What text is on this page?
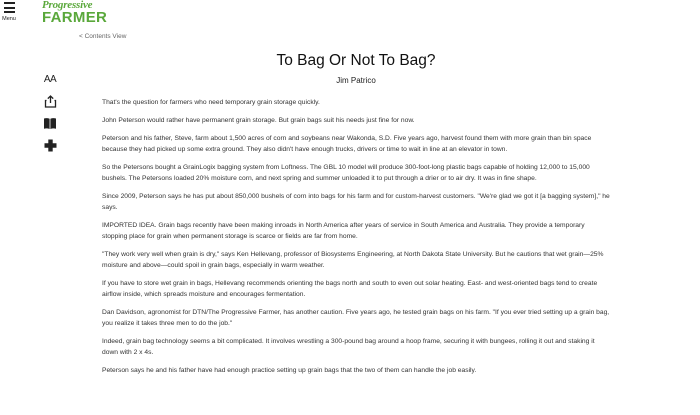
Menu
Progressive
FARMER
< Contents View
AA
To Bag Or Not To Bag?
Jim Patrico

That's the question for farmers who need temporary grain storage quickly.

John Peterson would rather have permanent grain storage. But grain bags suit his needs just fine for now.

Peterson and his father, Steve, farm about 1,500 acres of corn and soybeans near Wakonda, S.D. Five years ago, harvest found them with more grain than bin space because they had picked up some extra ground. They also didn't have enough trucks, drivers or time to wait in line at an elevator in town.

So the Petersons bought a GrainLogix bagging system from Loftness. The GBL 10 model will produce 300-foot-long plastic bags capable of holding 12,000 to 15,000 bushels. The Petersons loaded 20% moisture corn, and next spring and summer unloaded it to put through a drier or to air dry. It was in fine shape.

Since 2009, Peterson says he has put about 850,000 bushels of corn into bags for his farm and for custom-harvest customers. "We're glad we got it [a bagging system]," he says.

IMPORTED IDEA. Grain bags recently have been making inroads in North America after years of service in South America and Australia. They provide a temporary stopping place for grain when permanent storage is scarce or fields are far from home.

"They work very well when grain is dry," says Ken Hellevang, professor of Biosystems Engineering, at North Dakota State University. But he cautions that wet grain—25% moisture and above—could spoil in grain bags, especially in warm weather.

If you have to store wet grain in bags, Hellevang recommends orienting the bags north and south to even out solar heating. East- and west-oriented bags tend to create airflow inside, which spreads moisture and encourages fermentation.

Dan Davidson, agronomist for DTN/The Progressive Farmer, has another caution. Five years ago, he tested grain bags on his farm. "If you ever tried setting up a grain bag, you realize it takes three men to do the job."

Indeed, grain bag technology seems a bit complicated. It involves wrestling a 300-pound bag around a hoop frame, securing it with bungees, rolling it out and staking it down with 2 x 4s.

Peterson says he and his father have had enough practice setting up grain bags that the two of them can handle the job easily.
